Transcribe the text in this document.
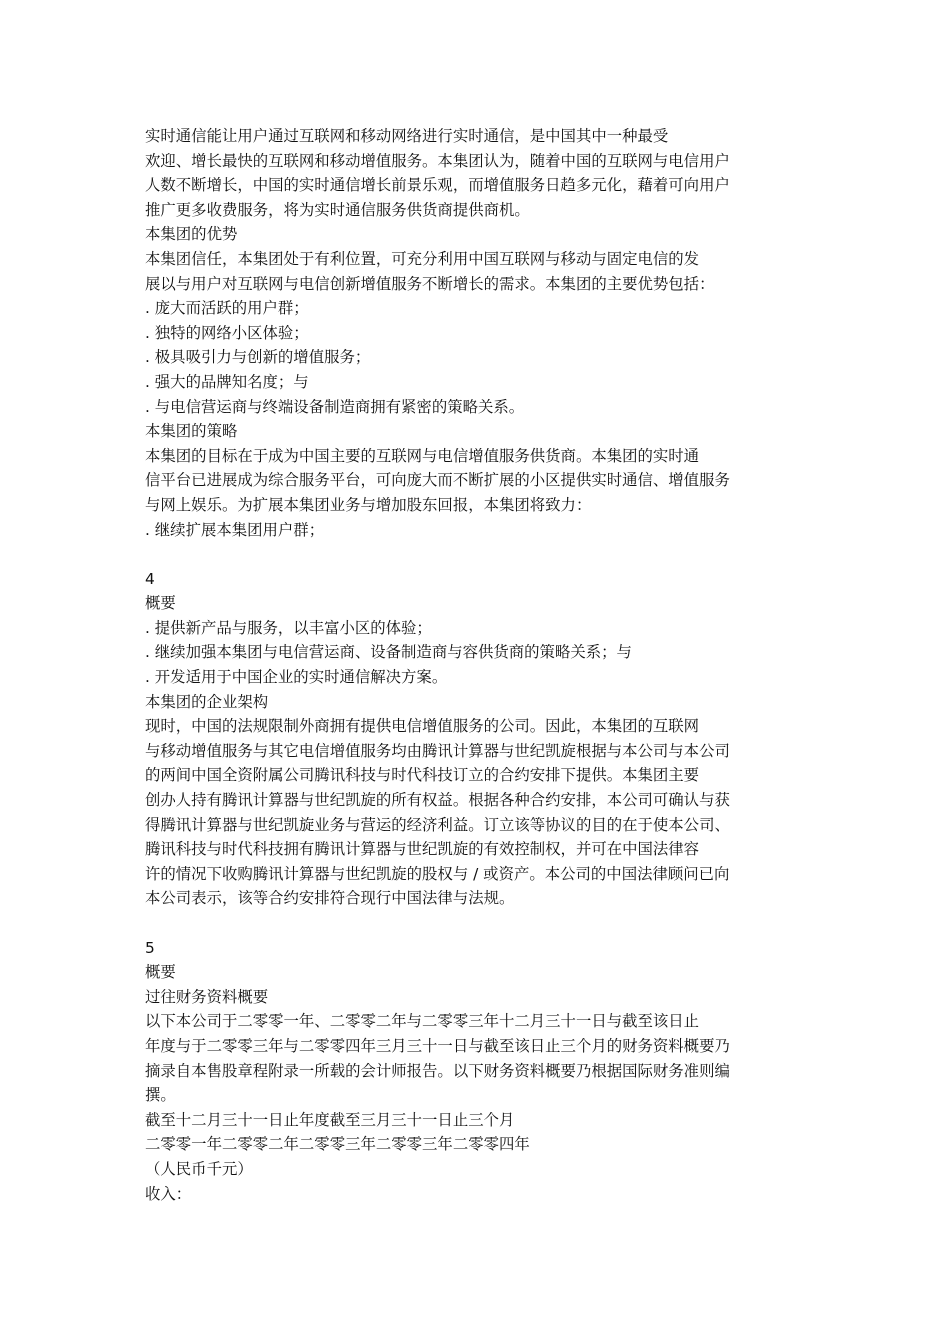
实时通信能让用户通过互联网和移动网络进行实时通信，是中国其中一种最受
欢迎、增长最快的互联网和移动增值服务。本集团认为，随着中国的互联网与电信用户
人数不断增长，中国的实时通信增长前景乐观，而增值服务日趋多元化，藉着可向用户
推广更多收费服务，将为实时通信服务供货商提供商机。
本集团的优势
本集团信任，本集团处于有利位置，可充分利用中国互联网与移动与固定电信的发
展以与用户对互联网与电信创新增值服务不断增长的需求。本集团的主要优势包括：
. 庞大而活跃的用户群；
. 独特的网络小区体验；
. 极具吸引力与创新的增值服务；
. 强大的品牌知名度；与
. 与电信营运商与终端设备制造商拥有紧密的策略关系。
本集团的策略
本集团的目标在于成为中国主要的互联网与电信增值服务供货商。本集团的实时通
信平台已进展成为综合服务平台，可向庞大而不断扩展的小区提供实时通信、增值服务
与网上娱乐。为扩展本集团业务与增加股东回报，本集团将致力：
. 继续扩展本集团用户群；
4
概要
. 提供新产品与服务，以丰富小区的体验；
. 继续加强本集团与电信营运商、设备制造商与容供货商的策略关系；与
. 开发适用于中国企业的实时通信解决方案。
本集团的企业架构
现时，中国的法规限制外商拥有提供电信增值服务的公司。因此，本集团的互联网
与移动增值服务与其它电信增值服务均由腾讯计算器与世纪凯旋根据与本公司与本公司
的两间中国全资附属公司腾讯科技与时代科技订立的合约安排下提供。本集团主要
创办人持有腾讯计算器与世纪凯旋的所有权益。根据各种合约安排，本公司可确认与获
得腾讯计算器与世纪凯旋业务与营运的经济利益。订立该等协议的目的在于使本公司、
腾讯科技与时代科技拥有腾讯计算器与世纪凯旋的有效控制权，并可在中国法律容
许的情况下收购腾讯计算器与世纪凯旋的股权与 / 或资产。本公司的中国法律顾问已向
本公司表示，该等合约安排符合现行中国法律与法规。
5
概要
过往财务资料概要
以下本公司于二零零一年、二零零二年与二零零三年十二月三十一日与截至该日止
年度与于二零零三年与二零零四年三月三十一日与截至该日止三个月的财务资料概要乃
摘录自本售股章程附录一所载的会计师报告。以下财务资料概要乃根据国际财务准则编
撰。
截至十二月三十一日止年度截至三月三十一日止三个月
二零零一年二零零二年二零零三年二零零三年二零零四年
（人民币千元）
收入：
